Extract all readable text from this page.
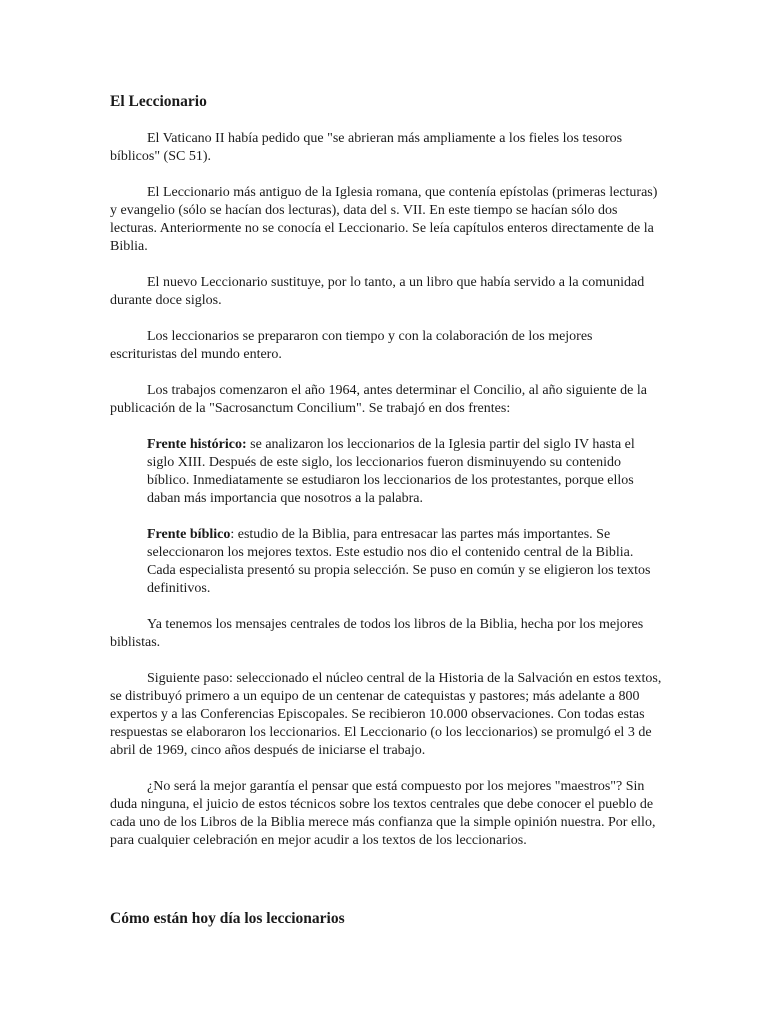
El Leccionario

El Vaticano II había pedido que "se abrieran más ampliamente a los fieles los tesoros bíblicos" (SC 51).

El Leccionario más antiguo de la Iglesia romana, que contenía epístolas (primeras lecturas) y evangelio (sólo se hacían dos lecturas), data del s. VII. En este tiempo se hacían sólo dos lecturas. Anteriormente no se conocía el Leccionario. Se leía capítulos enteros directamente de la Biblia.

El nuevo Leccionario sustituye, por lo tanto, a un libro que había servido a la comunidad durante doce siglos.

Los leccionarios se prepararon con tiempo y con la colaboración de los mejores escrituristas del mundo entero.

Los trabajos comenzaron el año 1964, antes determinar el Concilio, al año siguiente de la publicación de la "Sacrosanctum Concilium". Se trabajó en dos frentes:

Frente histórico: se analizaron los leccionarios de la Iglesia partir del siglo IV hasta el siglo XIII. Después de este siglo, los leccionarios fueron disminuyendo su contenido bíblico. Inmediatamente se estudiaron los leccionarios de los protestantes, porque ellos daban más importancia que nosotros a la palabra.

Frente bíblico: estudio de la Biblia, para entresacar las partes más importantes. Se seleccionaron los mejores textos. Este estudio nos dio el contenido central de la Biblia. Cada especialista presentó su propia selección. Se puso en común y se eligieron los textos definitivos.

Ya tenemos los mensajes centrales de todos los libros de la Biblia, hecha por los mejores biblistas.

Siguiente paso: seleccionado el núcleo central de la Historia de la Salvación en estos textos, se distribuyó primero a un equipo de un centenar de catequistas y pastores; más adelante a 800 expertos y a las Conferencias Episcopales. Se recibieron 10.000 observaciones. Con todas estas respuestas se elaboraron los leccionarios. El Leccionario (o los leccionarios) se promulgó el 3 de abril de 1969, cinco años después de iniciarse el trabajo.

¿No será la mejor garantía el pensar que está compuesto por los mejores "maestros"? Sin duda ninguna, el juicio de estos técnicos sobre los textos centrales que debe conocer el pueblo de cada uno de los Libros de la Biblia merece más confianza que la simple opinión nuestra. Por ello, para cualquier celebración en mejor acudir a los textos de los leccionarios.

Cómo están hoy día los leccionarios
